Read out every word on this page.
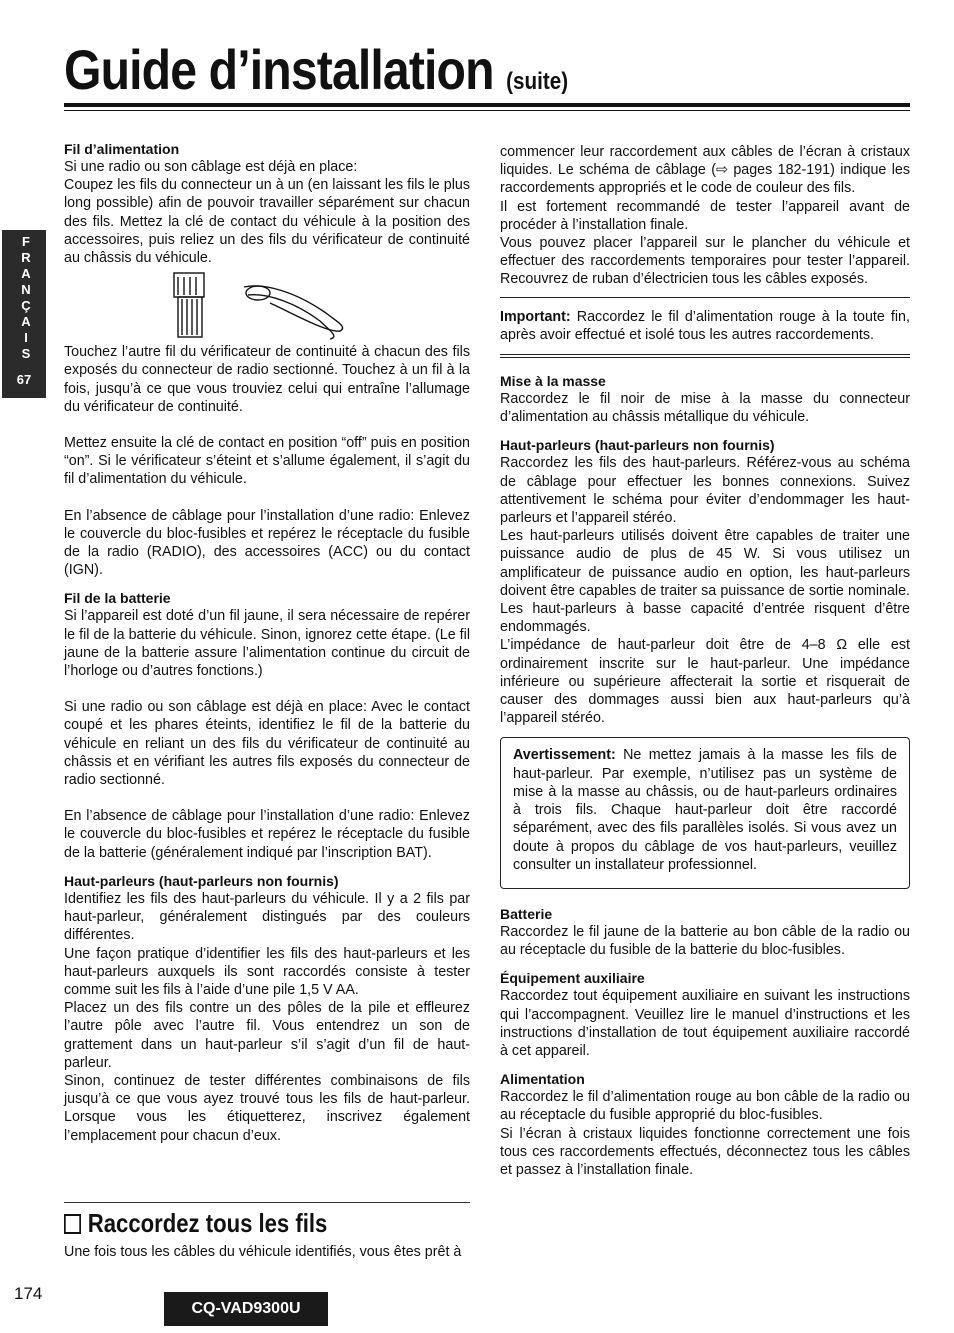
Guide d’installation (suite)
F
R
A
N
Ç
A
I
S
67
Fil d’alimentation

Si une radio ou son câblage est déjà en place:

Coupez les fils du connecteur un à un (en laissant les fils le plus long possible) afin de pouvoir travailler séparément sur chacun des fils. Mettez la clé de contact du véhicule à la position des accessoires, puis reliez un des fils du vérificateur de continuité au châssis du véhicule.

Touchez l’autre fil du vérificateur de continuité à chacun des fils exposés du connecteur de radio sectionné. Touchez à un fil à la fois, jusqu’à ce que vous trouviez celui qui entraîne l’allumage du vérificateur de continuité.

Mettez ensuite la clé de contact en position “off” puis en position “on”. Si le vérificateur s’éteint et s’allume également, il s’agit du fil d’alimentation du véhicule.

En l’absence de câblage pour l’installation d’une radio: Enlevez le couvercle du bloc-fusibles et repérez le réceptacle du fusible de la radio (RADIO), des accessoires (ACC) ou du contact (IGN).

Fil de la batterie

Si l’appareil est doté d’un fil jaune, il sera nécessaire de repérer le fil de la batterie du véhicule. Sinon, ignorez cette étape. (Le fil jaune de la batterie assure l’alimentation continue du circuit de l’horloge ou d’autres fonctions.)

Si une radio ou son câblage est déjà en place: Avec le contact coupé et les phares éteints, identifiez le fil de la batterie du véhicule en reliant un des fils du vérificateur de continuité au châssis et en vérifiant les autres fils exposés du connecteur de radio sectionné.

En l’absence de câblage pour l’installation d’une radio: Enlevez le couvercle du bloc-fusibles et repérez le réceptacle du fusible de la batterie (généralement indiqué par l’inscription BAT).

Haut-parleurs (haut-parleurs non fournis)

Identifiez les fils des haut-parleurs du véhicule. Il y a 2 fils par haut-parleur, généralement distingués par des couleurs différentes.

Une façon pratique d’identifier les fils des haut-parleurs et les haut-parleurs auxquels ils sont raccordés consiste à tester comme suit les fils à l’aide d’une pile 1,5 V AA.

Placez un des fils contre un des pôles de la pile et effleurez l’autre pôle avec l’autre fil. Vous entendrez un son de grattement dans un haut-parleur s’il s’agit d’un fil de haut-parleur.

Sinon, continuez de tester différentes combinaisons de fils jusqu’à ce que vous ayez trouvé tous les fils de haut-parleur. Lorsque vous les étiquetterez, inscrivez également l’emplacement pour chacun d’eux.

Raccordez tous les fils
Une fois tous les câbles du véhicule identifiés, vous êtes prêt à

commencer leur raccordement aux câbles de l’écran à cristaux liquides. Le schéma de câblage (⇨ pages 182-191) indique les raccordements appropriés et le code de couleur des fils.

Il est fortement recommandé de tester l’appareil avant de procéder à l’installation finale.

Vous pouvez placer l’appareil sur le plancher du véhicule et effectuer des raccordements temporaires pour tester l’appareil. Recouvrez de ruban d’électricien tous les câbles exposés.

Important: Raccordez le fil d’alimentation rouge à la toute fin, après avoir effectué et isolé tous les autres raccordements.

Mise à la masse

Raccordez le fil noir de mise à la masse du connecteur d’alimentation au châssis métallique du véhicule.

Haut-parleurs (haut-parleurs non fournis)

Raccordez les fils des haut-parleurs. Référez-vous au schéma de câblage pour effectuer les bonnes connexions. Suivez attentivement le schéma pour éviter d’endommager les haut-parleurs et l’appareil stéréo.

Les haut-parleurs utilisés doivent être capables de traiter une puissance audio de plus de 45 W. Si vous utilisez un amplificateur de puissance audio en option, les haut-parleurs doivent être capables de traiter sa puissance de sortie nominale. Les haut-parleurs à basse capacité d’entrée risquent d’être endommagés.

L’impédance de haut-parleur doit être de 4–8 Ω elle est ordinairement inscrite sur le haut-parleur. Une impédance inférieure ou supérieure affecterait la sortie et risquerait de causer des dommages aussi bien aux haut-parleurs qu’à l’appareil stéréo.

Avertissement: Ne mettez jamais à la masse les fils de haut-parleur. Par exemple, n’utilisez pas un système de mise à la masse au châssis, ou de haut-parleurs ordinaires à trois fils. Chaque haut-parleur doit être raccordé séparément, avec des fils parallèles isolés. Si vous avez un doute à propos du câblage de vos haut-parleurs, veuillez consulter un installateur professionnel.

Batterie

Raccordez le fil jaune de la batterie au bon câble de la radio ou au réceptacle du fusible de la batterie du bloc-fusibles.

Équipement auxiliaire

Raccordez tout équipement auxiliaire en suivant les instructions qui l’accompagnent. Veuillez lire le manuel d’instructions et les instructions d’installation de tout équipement auxiliaire raccordé à cet appareil.

Alimentation

Raccordez le fil d’alimentation rouge au bon câble de la radio ou au réceptacle du fusible approprié du bloc-fusibles.

Si l’écran à cristaux liquides fonctionne correctement une fois tous ces raccordements effectués, déconnectez tous les câbles et passez à l’installation finale.

174
CQ-VAD9300U
